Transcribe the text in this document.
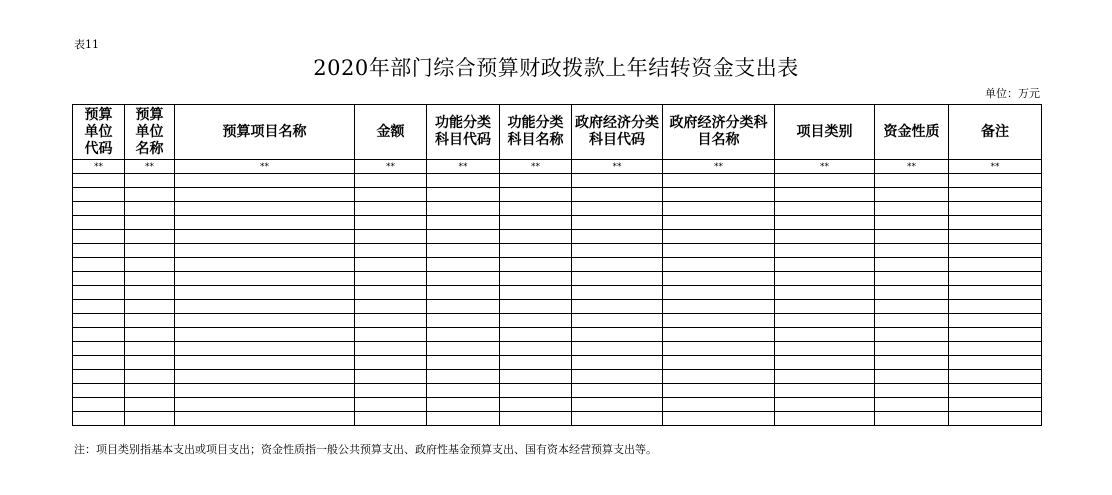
表11
2020年部门综合预算财政拨款上年结转资金支出表
单位：万元
预算单位代码	预算单位名称	预算项目名称	金额	功能分类科目代码	功能分类科目名称	政府经济分类科目代码	政府经济分类科目名称	项目类别	资金性质	备注
**	**	**	**	**	**	**	**	**	**	**

注：项目类别指基本支出或项目支出；资金性质指一般公共预算支出、政府性基金预算支出、国有资本经营预算支出等。
